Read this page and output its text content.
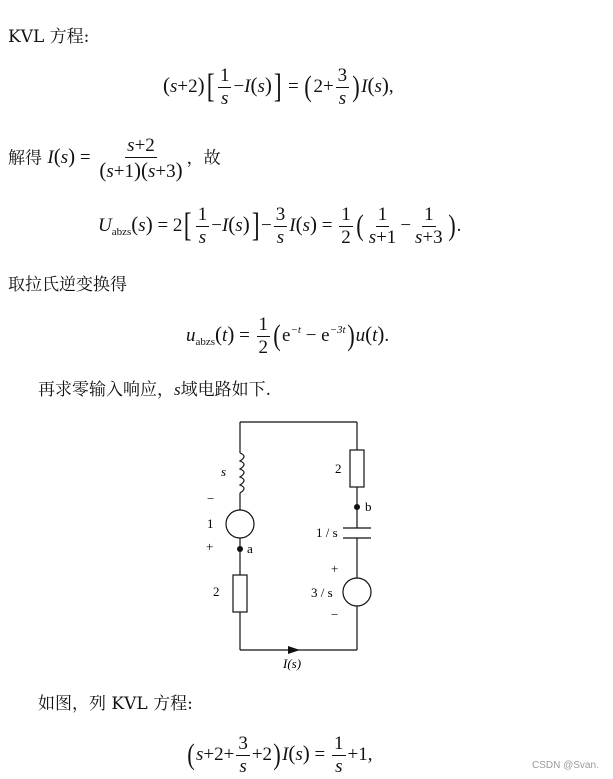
KVL 方程:
$(s+2)[ \frac{1}{s} -I(s)] = (2+ \frac{3}{s} )I(s)$,
解得 $I(s) = \frac{s+2}{(s+1)(s+3)}$ ，故
$U_{abzs}(s) = 2[ \frac{1}{s} -I(s)]- \frac{3}{s} I(s) = \frac{1}{2}$ ( $\frac{1}{s+1} - \frac{1}{s+3}$ ).
取拉氏逆变换得
$u_{abzs}(t) = \frac{1}{2} (e^{-t} - e^{-3t})u(t)$.
再求零输入响应，s域电路如下.
s
−
1
+	a
2
2
b
1 / s
+
3 / s
−
I(s)
如图，列 KVL 方程:
$(s+2+ \frac{3}{s} +2)I(s) = \frac{1}{s} +1$,
CSDN @Svan.
